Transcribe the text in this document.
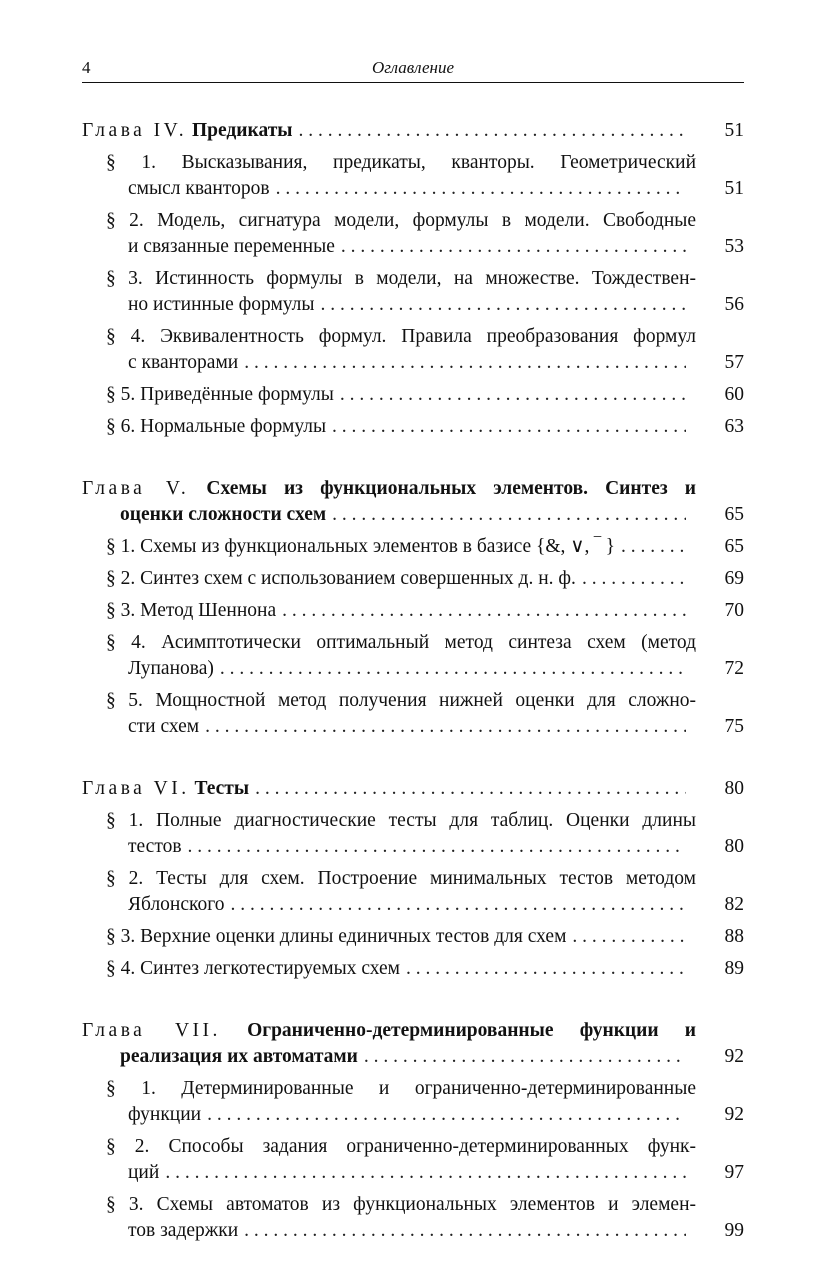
4	Оглавление
Глава IV. Предикаты . . .	51
§ 1. Высказывания, предикаты, кванторы. Геометрический
смысл кванторов . . .	51
§ 2. Модель, сигнатура модели, формулы в модели. Свободные
и связанные переменные . . .	53
§ 3. Истинность формулы в модели, на множестве. Тождествен-
но истинные формулы . . .	56
§ 4. Эквивалентность формул. Правила преобразования формул
с кванторами . . .	57
§ 5. Приведённые формулы . . .	60
§ 6. Нормальные формулы . . .	63
Глава V. Схемы из функциональных элементов. Синтез и
оценки сложности схем . . .	65
§ 1. Схемы из функциональных элементов в базисе {&, ∨, ‾ } . . .	65
§ 2. Синтез схем с использованием совершенных д. н. ф. . . .	69
§ 3. Метод Шеннона . . .	70
§ 4. Асимптотически оптимальный метод синтеза схем (метод
Лупанова) . . .	72
§ 5. Мощностной метод получения нижней оценки для сложно-
сти схем . . .	75
Глава VI. Тесты . . .	80
§ 1. Полные диагностические тесты для таблиц. Оценки длины
тестов . . .	80
§ 2. Тесты для схем. Построение минимальных тестов методом
Яблонского . . .	82
§ 3. Верхние оценки длины единичных тестов для схем . . .	88
§ 4. Синтез легкотестируемых схем . . .	89
Глава VII. Ограниченно-детерминированные функции и
реализация их автоматами . . .	92
§ 1. Детерминированные и ограниченно-детерминированные
функции . . .	92
§ 2. Способы задания ограниченно-детерминированных функ-
ций . . .	97
§ 3. Схемы автоматов из функциональных элементов и элемен-
тов задержки . . .	99
